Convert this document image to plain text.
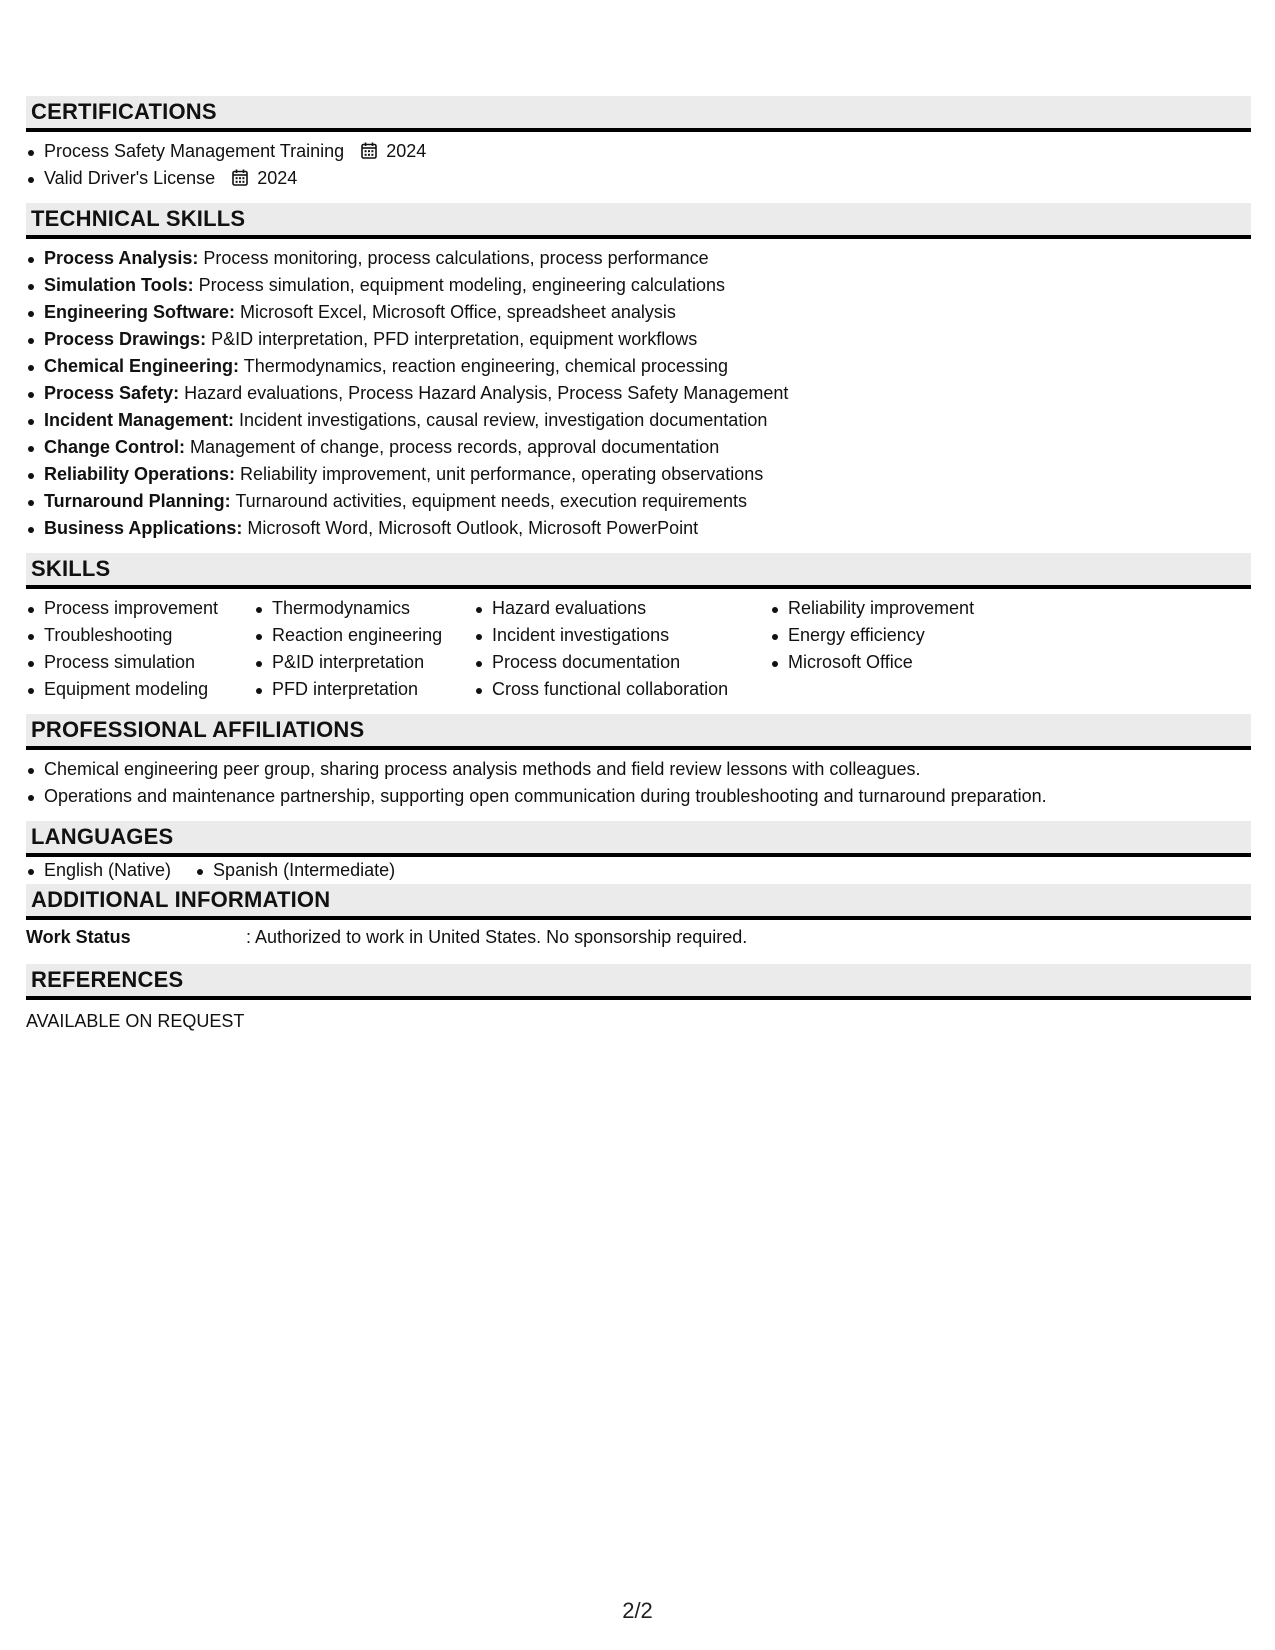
CERTIFICATIONS
Process Safety Management Training 2024
Valid Driver's License 2024
TECHNICAL SKILLS
Process Analysis: Process monitoring, process calculations, process performance
Simulation Tools: Process simulation, equipment modeling, engineering calculations
Engineering Software: Microsoft Excel, Microsoft Office, spreadsheet analysis
Process Drawings: P&ID interpretation, PFD interpretation, equipment workflows
Chemical Engineering: Thermodynamics, reaction engineering, chemical processing
Process Safety: Hazard evaluations, Process Hazard Analysis, Process Safety Management
Incident Management: Incident investigations, causal review, investigation documentation
Change Control: Management of change, process records, approval documentation
Reliability Operations: Reliability improvement, unit performance, operating observations
Turnaround Planning: Turnaround activities, equipment needs, execution requirements
Business Applications: Microsoft Word, Microsoft Outlook, Microsoft PowerPoint
SKILLS
Process improvement
Troubleshooting
Process simulation
Equipment modeling
Thermodynamics
Reaction engineering
P&ID interpretation
PFD interpretation
Hazard evaluations
Incident investigations
Process documentation
Cross functional collaboration
Reliability improvement
Energy efficiency
Microsoft Office
PROFESSIONAL AFFILIATIONS
Chemical engineering peer group, sharing process analysis methods and field review lessons with colleagues.
Operations and maintenance partnership, supporting open communication during troubleshooting and turnaround preparation.
LANGUAGES
English (Native)	Spanish (Intermediate)
ADDITIONAL INFORMATION
Work Status	: Authorized to work in United States. No sponsorship required.
REFERENCES
AVAILABLE ON REQUEST
2/2
